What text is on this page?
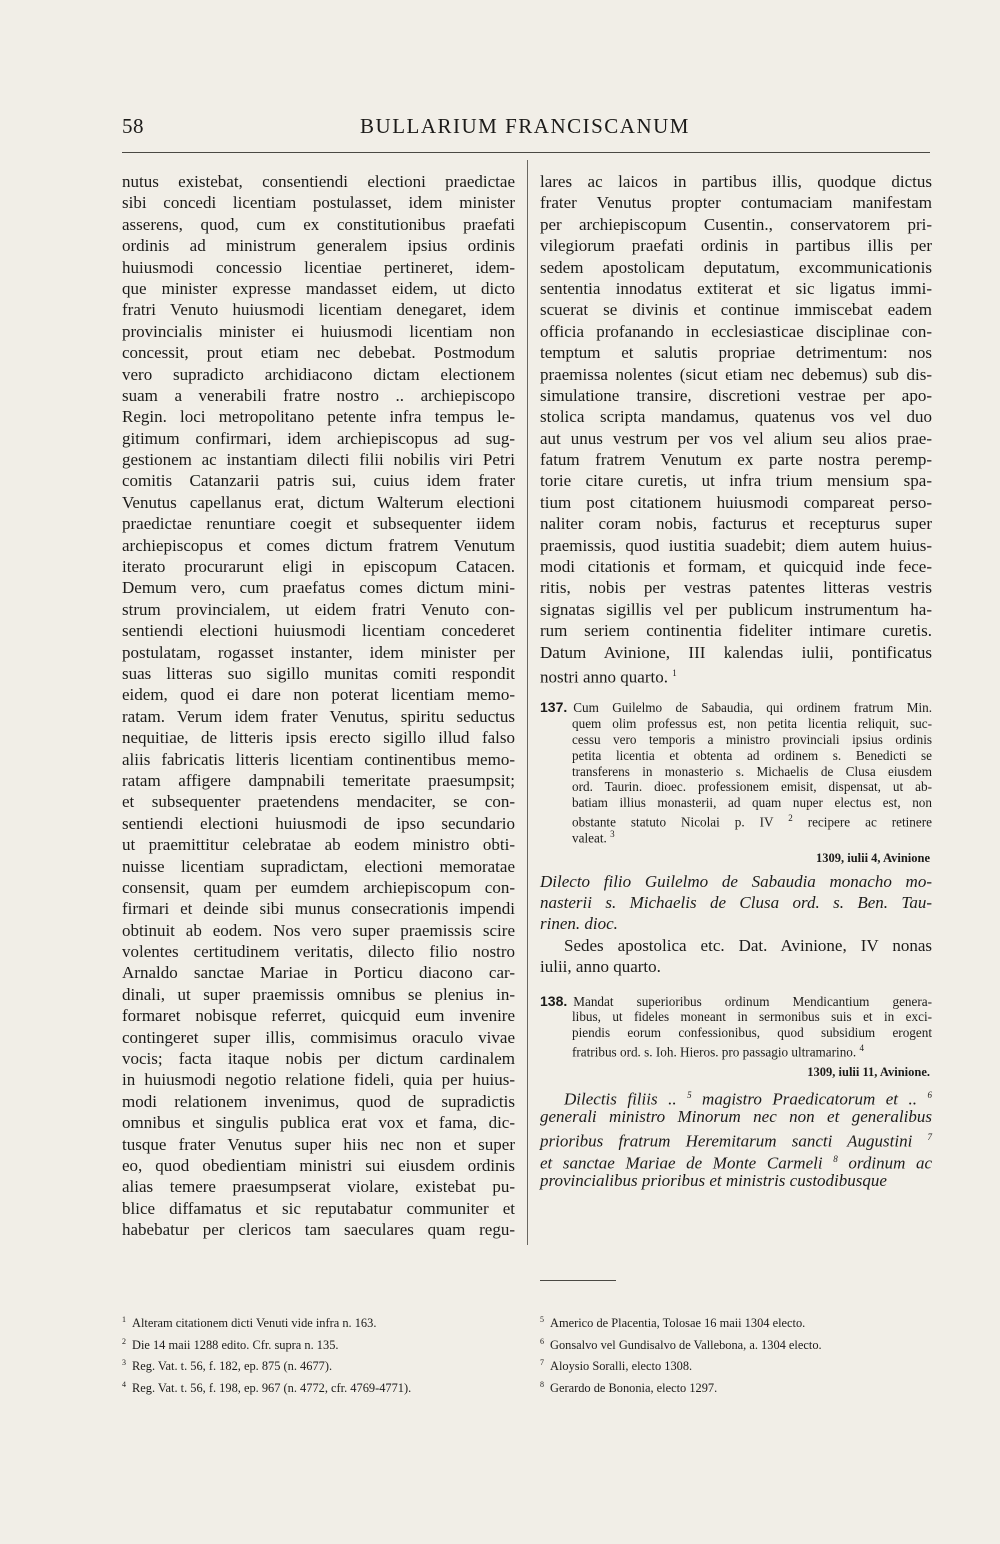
58	BULLARIUM FRANCISCANUM
nutus existebat, consentiendi electioni praedictae
sibi concedi licentiam postulasset, idem minister
asserens, quod, cum ex constitutionibus praefati
ordinis ad ministrum generalem ipsius ordinis
huiusmodi concessio licentiae pertineret, idem-
que minister expresse mandasset eidem, ut dicto
fratri Venuto huiusmodi licentiam denegaret, idem
provincialis minister ei huiusmodi licentiam non
concessit, prout etiam nec debebat. Postmodum
vero supradicto archidiacono dictam electionem
suam a venerabili fratre nostro .. archiepiscopo
Regin. loci metropolitano petente infra tempus le-
gitimum confirmari, idem archiepiscopus ad sug-
gestionem ac instantiam dilecti filii nobilis viri Petri
comitis Catanzarii patris sui, cuius idem frater
Venutus capellanus erat, dictum Walterum electioni
praedictae renuntiare coegit et subsequenter iidem
archiepiscopus et comes dictum fratrem Venutum
iterato procurarunt eligi in episcopum Catacen.
Demum vero, cum praefatus comes dictum mini-
strum provincialem, ut eidem fratri Venuto con-
sentiendi electioni huiusmodi licentiam concederet
postulatam, rogasset instanter, idem minister per
suas litteras suo sigillo munitas comiti respondit
eidem, quod ei dare non poterat licentiam memo-
ratam. Verum idem frater Venutus, spiritu seductus
nequitiae, de litteris ipsis erecto sigillo illud falso
aliis fabricatis litteris licentiam continentibus memo-
ratam affigere dampnabili temeritate praesumpsit;
et subsequenter praetendens mendaciter, se con-
sentiendi electioni huiusmodi de ipso secundario
ut praemittitur celebratae ab eodem ministro obti-
nuisse licentiam supradictam, electioni memoratae
consensit, quam per eumdem archiepiscopum con-
firmari et deinde sibi munus consecrationis impendi
obtinuit ab eodem. Nos vero super praemissis scire
volentes certitudinem veritatis, dilecto filio nostro
Arnaldo sanctae Mariae in Porticu diacono car-
dinali, ut super praemissis omnibus se plenius in-
formaret nobisque referret, quicquid eum invenire
contingeret super illis, commisimus oraculo vivae
vocis; facta itaque nobis per dictum cardinalem
in huiusmodi negotio relatione fideli, quia per huius-
modi relationem invenimus, quod de supradictis
omnibus et singulis publica erat vox et fama, dic-
tusque frater Venutus super hiis nec non et super
eo, quod obedientiam ministri sui eiusdem ordinis
alias temere praesumpserat violare, existebat pu-
blice diffamatus et sic reputabatur communiter et
habebatur per clericos tam saeculares quam regu-
lares ac laicos in partibus illis, quodque dictus
frater Venutus propter contumaciam manifestam
per archiepiscopum Cusentin., conservatorem pri-
vilegiorum praefati ordinis in partibus illis per
sedem apostolicam deputatum, excommunicationis
sententia innodatus extiterat et sic ligatus immi-
scuerat se divinis et continue immiscebat eadem
officia profanando in ecclesiasticae disciplinae con-
temptum et salutis propriae detrimentum: nos
praemissa nolentes (sicut etiam nec debemus) sub dis-
simulatione transire, discretioni vestrae per apo-
stolica scripta mandamus, quatenus vos vel duo
aut unus vestrum per vos vel alium seu alios prae-
fatum fratrem Venutum ex parte nostra peremp-
torie citare curetis, ut infra trium mensium spa-
tium post citationem huiusmodi compareat perso-
naliter coram nobis, facturus et recepturus super
praemissis, quod iustitia suadebit; diem autem huius-
modi citationis et formam, et quicquid inde fece-
ritis, nobis per vestras patentes litteras vestris
signatas sigillis vel per publicum instrumentum ha-
rum seriem continentia fideliter intimare curetis.
Datum Avinione, III kalendas iulii, pontificatus
nostri anno quarto. $^1$
137. Cum Guilelmo de Sabaudia, qui ordinem fratrum Min.
quem olim professus est, non petita licentia reliquit, suc-
cessu vero temporis a ministro provinciali ipsius ordinis
petita licentia et obtenta ad ordinem s. Benedicti se
transferens in monasterio s. Michaelis de Clusa eiusdem
ord. Taurin. dioec. professionem emisit, dispensat, ut ab-
batiam illius monasterii, ad quam nuper electus est, non
obstante statuto Nicolai p. IV $^2$ recipere ac retinere
valeat. $^3$
1309, iulii 4, Avinione
Dilecto filio Guilelmo de Sabaudia monacho mo-
nasterii s. Michaelis de Clusa ord. s. Ben. Tau-
rinen. dioc.
Sedes apostolica etc. Dat. Avinione, IV nonas
iulii, anno quarto.
138. Mandat superioribus ordinum Mendicantium genera-
libus, ut fideles moneant in sermonibus suis et in exci-
piendis eorum confessionibus, quod subsidium erogent
fratribus ord. s. Ioh. Hieros. pro passagio ultramarino. $^4$
1309, iulii 11, Avinione.
Dilectis filiis .. $^5$ magistro Praedicatorum et .. $^6$
generali ministro Minorum nec non et generalibus
prioribus fratrum Heremitarum sancti Augustini $^7$
et sanctae Mariae de Monte Carmeli $^8$ ordinum ac
provincialibus prioribus et ministris custodibusque
$^1$ Alteram citationem dicti Venuti vide infra n. 163.
$^2$ Die 14 maii 1288 edito. Cfr. supra n. 135.
$^3$ Reg. Vat. t. 56, f. 182, ep. 875 (n. 4677).
$^4$ Reg. Vat. t. 56, f. 198, ep. 967 (n. 4772, cfr. 4769-4771).
$^5$ Americo de Placentia, Tolosae 16 maii 1304 electo.
$^6$ Gonsalvo vel Gundisalvo de Vallebona, a. 1304 electo.
$^7$ Aloysio Soralli, electo 1308.
$^8$ Gerardo de Bononia, electo 1297.
